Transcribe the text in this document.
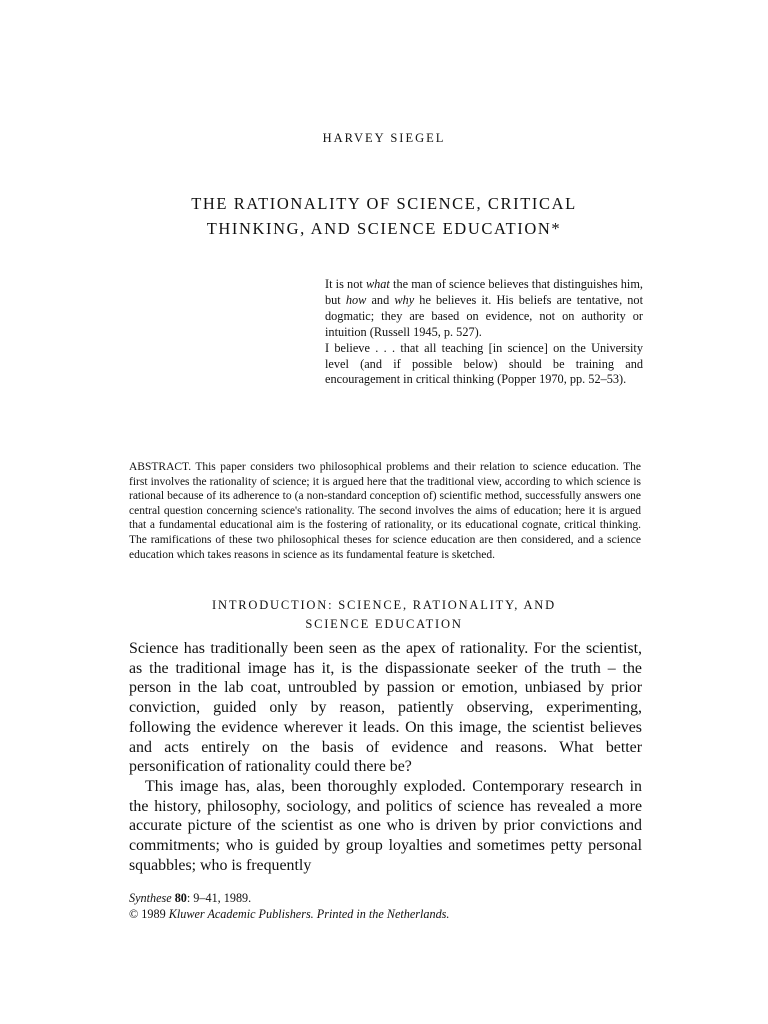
HARVEY SIEGEL
THE RATIONALITY OF SCIENCE, CRITICAL
THINKING, AND SCIENCE EDUCATION*

It is not what the man of science believes that distinguishes him, but how and why he believes it. His beliefs are tentative, not dogmatic; they are based on evidence, not on authority or intuition (Russell 1945, p. 527).

I believe . . . that all teaching [in science] on the University level (and if possible below) should be training and encouragement in critical thinking (Popper 1970, pp. 52–53).

ABSTRACT. This paper considers two philosophical problems and their relation to science education. The first involves the rationality of science; it is argued here that the traditional view, according to which science is rational because of its adherence to (a non-standard conception of) scientific method, successfully answers one central question concerning science's rationality. The second involves the aims of education; here it is argued that a fundamental educational aim is the fostering of rationality, or its educational cognate, critical thinking. The ramifications of these two philosophical theses for science education are then considered, and a science education which takes reasons in science as its fundamental feature is sketched.

INTRODUCTION: SCIENCE, RATIONALITY, AND
SCIENCE EDUCATION

Science has traditionally been seen as the apex of rationality. For the scientist, as the traditional image has it, is the dispassionate seeker of the truth – the person in the lab coat, untroubled by passion or emotion, unbiased by prior conviction, guided only by reason, patiently observing, experimenting, following the evidence wherever it leads. On this image, the scientist believes and acts entirely on the basis of evidence and reasons. What better personification of rationality could there be?

This image has, alas, been thoroughly exploded. Contemporary research in the history, philosophy, sociology, and politics of science has revealed a more accurate picture of the scientist as one who is driven by prior convictions and commitments; who is guided by group loyalties and sometimes petty personal squabbles; who is frequently

Synthese 80: 9–41, 1989.
© 1989 Kluwer Academic Publishers. Printed in the Netherlands.
